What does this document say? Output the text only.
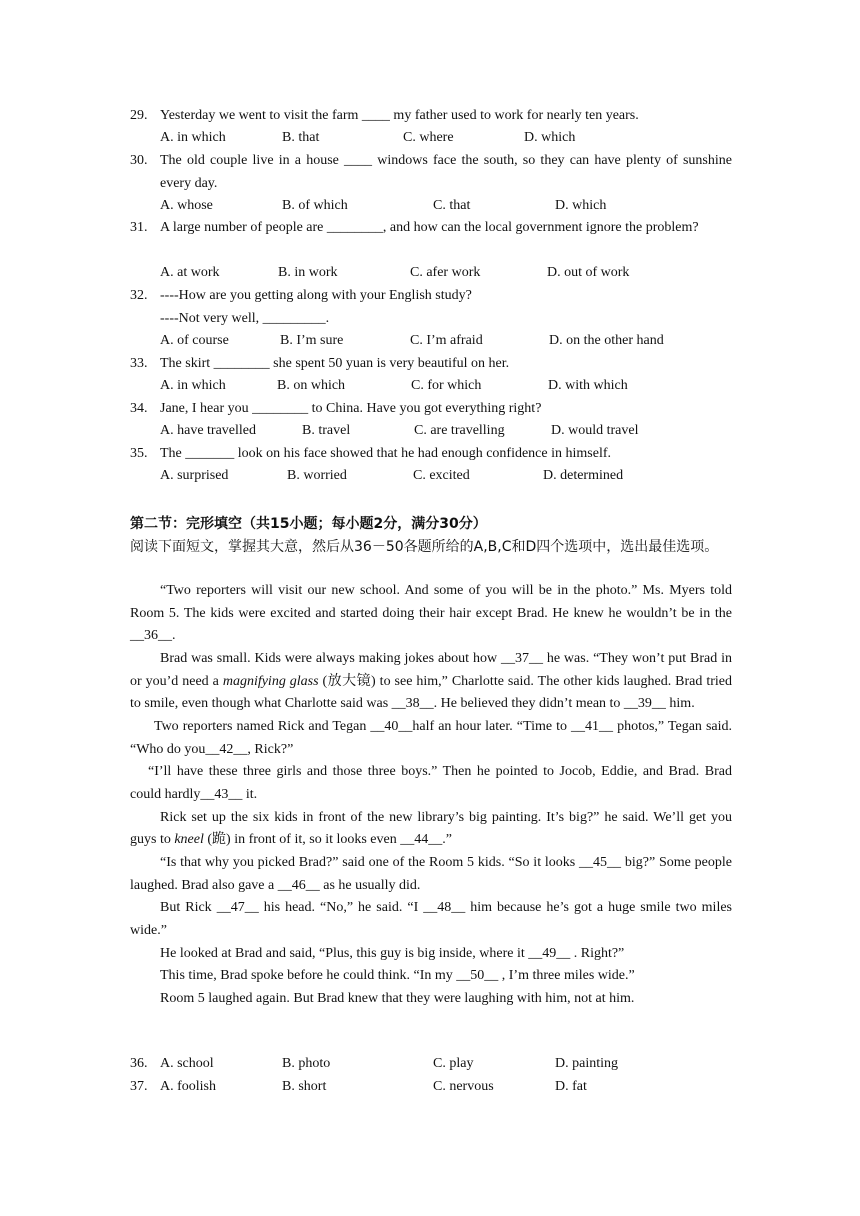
29. Yesterday we went to visit the farm ____ my father used to work for nearly ten years.
A. in which	B. that	C. where	D. which
30. The old couple live in a house ____ windows face the south, so they can have plenty of sunshine every day.
A. whose	B. of which	C. that	D. which
31. A large number of people are ________, and how can the local government ignore the problem?
A. at work	B. in work	C. afer work	D. out of work
32. ----How are you getting along with your English study?
----Not very well, _________.
A. of course	B. I’m sure	C. I’m afraid	D. on the other hand
33. The skirt ________ she spent 50 yuan is very beautiful on her.
A. in which	B. on which	C. for which	D. with which
34. Jane, I hear you ________ to China. Have you got everything right?
A. have travelled	B. travel	C. are travelling	D. would travel
35. The _______ look on his face showed that he had enough confidence in himself.
A. surprised	B. worried	C. excited	D. determined
第二节：完形填空（共15小题；每小题2分，满分30分）
阅读下面短文，掌握其大意，然后从36－50各题所给的A,B,C和D四个选项中，选出最佳选项。

“Two reporters will visit our new school. And some of you will be in the photo.” Ms. Myers told Room 5. The kids were excited and started doing their hair except Brad. He knew he wouldn’t be in the __36__.

Brad was small. Kids were always making jokes about how __37__ he was. “They won’t put Brad in or you’d need a magnifying glass (放大镜) to see him,” Charlotte said. The other kids laughed. Brad tried to smile, even though what Charlotte said was __38__. He believed they didn’t mean to __39__ him.

Two reporters named Rick and Tegan __40__half an hour later. “Time to __41__ photos,” Tegan said. “Who do you__42__, Rick?”

“I’ll have these three girls and those three boys.” Then he pointed to Jocob, Eddie, and Brad. Brad could hardly__43__ it.

Rick set up the six kids in front of the new library’s big painting. It’s big?” he said. We’ll get you guys to kneel (跪) in front of it, so it looks even __44__.”

“Is that why you picked Brad?” said one of the Room 5 kids. “So it looks __45__ big?” Some people laughed. Brad also gave a __46__ as he usually did.

But Rick __47__ his head. “No,” he said. “I __48__ him because he’s got a huge smile two miles wide.”

He looked at Brad and said, “Plus, this guy is big inside, where it __49__ . Right?”

This time, Brad spoke before he could think. “In my __50__ , I’m three miles wide.”

Room 5 laughed again. But Brad knew that they were laughing with him, not at him.

36. A. school	B. photo	C. play	D. painting
37. A. foolish	B. short	C. nervous	D. fat
